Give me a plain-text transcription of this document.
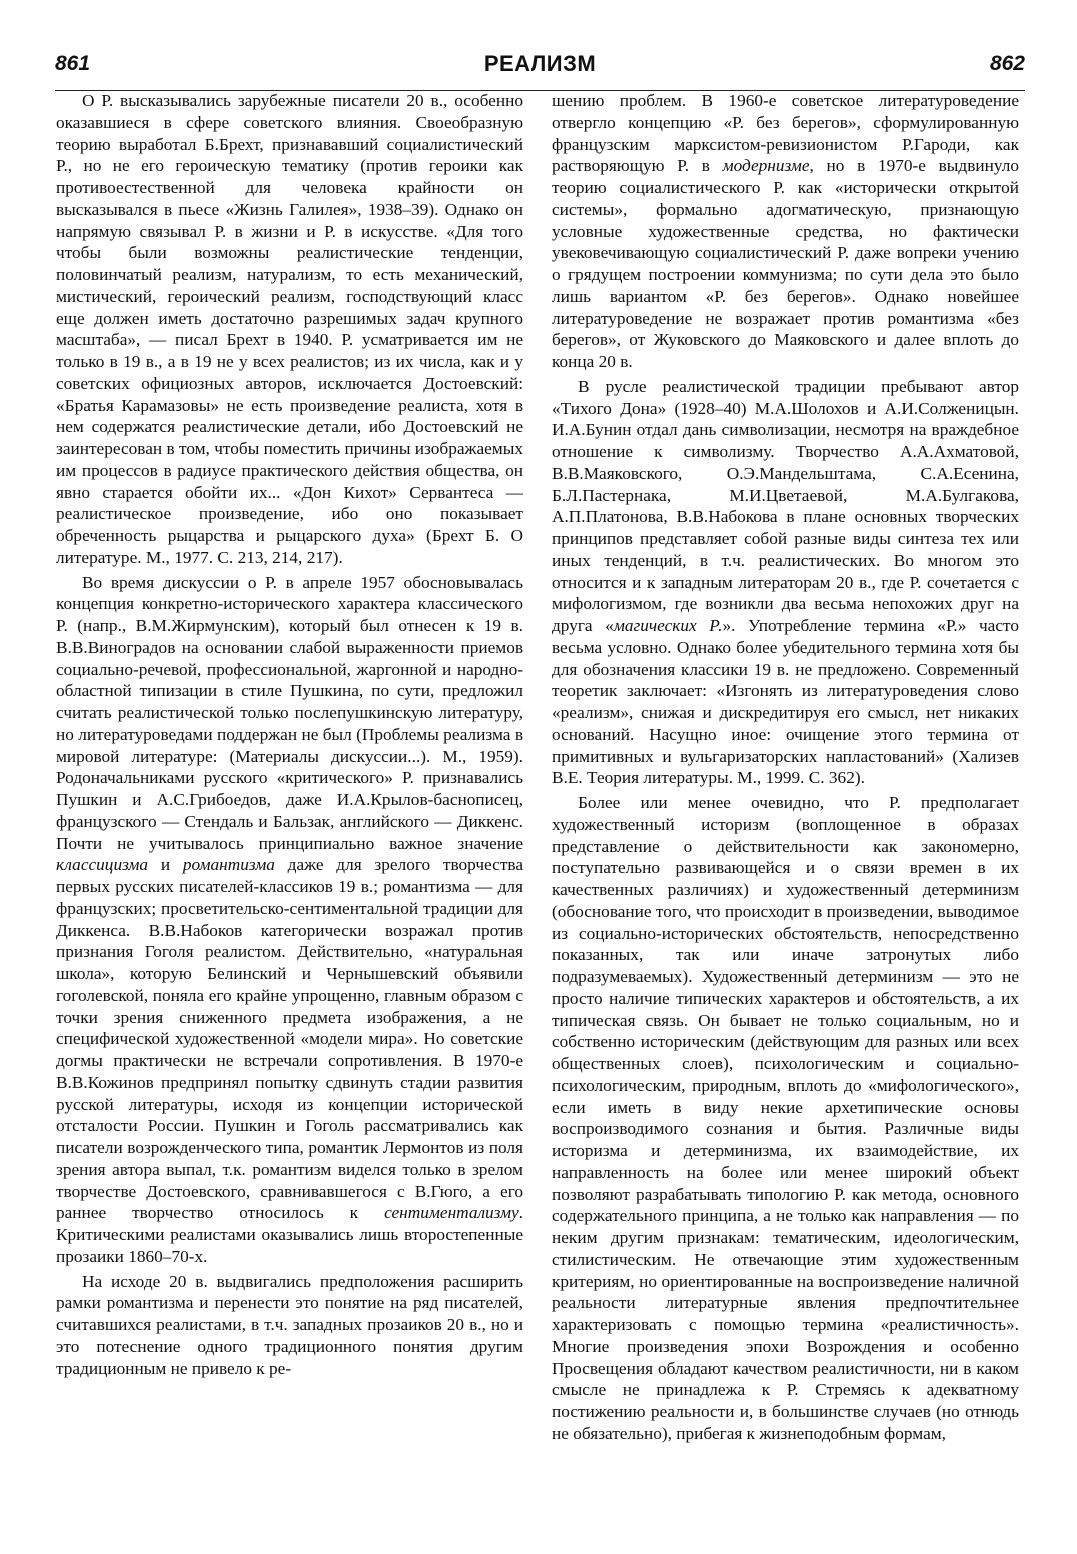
861	РЕАЛИЗМ	862

О Р. высказывались зарубежные писатели 20 в., особенно оказавшиеся в сфере советского влияния. Своеобразную теорию выработал Б.Брехт, признававший социалистический Р., но не его героическую тематику (против героики как противоестественной для человека крайности он высказывался в пьесе «Жизнь Галилея», 1938–39). Однако он напрямую связывал Р. в жизни и Р. в искусстве. «Для того чтобы были возможны реалистические тенденции, половинчатый реализм, натурализм, то есть механический, мистический, героический реализм, господствующий класс еще должен иметь достаточно разрешимых задач крупного масштаба», — писал Брехт в 1940. Р. усматривается им не только в 19 в., а в 19 не у всех реалистов; из их числа, как и у советских официозных авторов, исключается Достоевский: «Братья Карамазовы» не есть произведение реалиста, хотя в нем содержатся реалистические детали, ибо Достоевский не заинтересован в том, чтобы поместить причины изображаемых им процессов в радиусе практического действия общества, он явно старается обойти их... «Дон Кихот» Сервантеса — реалистическое произведение, ибо оно показывает обреченность рыцарства и рыцарского духа» (Брехт Б. О литературе. М., 1977. С. 213, 214, 217).

Во время дискуссии о Р. в апреле 1957 обосновывалась концепция конкретно-исторического характера классического Р. (напр., В.М.Жирмунским), который был отнесен к 19 в. В.В.Виноградов на основании слабой выраженности приемов социально-речевой, профессиональной, жаргонной и народно-областной типизации в стиле Пушкина, по сути, предложил считать реалистической только послепушкинскую литературу, но литературоведами поддержан не был (Проблемы реализма в мировой литературе: (Материалы дискуссии...). М., 1959). Родоначальниками русского «критического» Р. признавались Пушкин и А.С.Грибоедов, даже И.А.Крылов-баснописец, французского — Стендаль и Бальзак, английского — Диккенс. Почти не учитывалось принципиально важное значение классицизма и романтизма даже для зрелого творчества первых русских писателей-классиков 19 в.; романтизма — для французских; просветительско-сентиментальной традиции для Диккенса. В.В.Набоков категорически возражал против признания Гоголя реалистом. Действительно, «натуральная школа», которую Белинский и Чернышевский объявили гоголевской, поняла его крайне упрощенно, главным образом с точки зрения сниженного предмета изображения, а не специфической художественной «модели мира». Но советские догмы практически не встречали сопротивления. В 1970-е В.В.Кожинов предпринял попытку сдвинуть стадии развития русской литературы, исходя из концепции исторической отсталости России. Пушкин и Гоголь рассматривались как писатели возрожденческого типа, романтик Лермонтов из поля зрения автора выпал, т.к. романтизм виделся только в зрелом творчестве Достоевского, сравнивавшегося с В.Гюго, а его раннее творчество относилось к сентиментализму. Критическими реалистами оказывались лишь второстепенные прозаики 1860–70-х.

На исходе 20 в. выдвигались предположения расширить рамки романтизма и перенести это понятие на ряд писателей, считавшихся реалистами, в т.ч. западных прозаиков 20 в., но и это потеснение одного традиционного понятия другим традиционным не привело к ре-

шению проблем. В 1960-е советское литературоведение отвергло концепцию «Р. без берегов», сформулированную французским марксистом-ревизионистом Р.Гароди, как растворяющую Р. в модернизме, но в 1970-е выдвинуло теорию социалистического Р. как «исторически открытой системы», формально адогматическую, признающую условные художественные средства, но фактически увековечивающую социалистический Р. даже вопреки учению о грядущем построении коммунизма; по сути дела это было лишь вариантом «Р. без берегов». Однако новейшее литературоведение не возражает против романтизма «без берегов», от Жуковского до Маяковского и далее вплоть до конца 20 в.

В русле реалистической традиции пребывают автор «Тихого Дона» (1928–40) М.А.Шолохов и А.И.Солженицын. И.А.Бунин отдал дань символизации, несмотря на враждебное отношение к символизму. Творчество А.А.Ахматовой, В.В.Маяковского, О.Э.Мандельштама, С.А.Есенина, Б.Л.Пастернака, М.И.Цветаевой, М.А.Булгакова, А.П.Платонова, В.В.Набокова в плане основных творческих принципов представляет собой разные виды синтеза тех или иных тенденций, в т.ч. реалистических. Во многом это относится и к западным литераторам 20 в., где Р. сочетается с мифологизмом, где возникли два весьма непохожих друг на друга «магических Р.». Употребление термина «Р.» часто весьма условно. Однако более убедительного термина хотя бы для обозначения классики 19 в. не предложено. Современный теоретик заключает: «Изгонять из литературоведения слово «реализм», снижая и дискредитируя его смысл, нет никаких оснований. Насущно иное: очищение этого термина от примитивных и вульгаризаторских напластований» (Хализев В.Е. Теория литературы. М., 1999. С. 362).

Более или менее очевидно, что Р. предполагает художественный историзм (воплощенное в образах представление о действительности как закономерно, поступательно развивающейся и о связи времен в их качественных различиях) и художественный детерминизм (обоснование того, что происходит в произведении, выводимое из социально-исторических обстоятельств, непосредственно показанных, так или иначе затронутых либо подразумеваемых). Художественный детерминизм — это не просто наличие типических характеров и обстоятельств, а их типическая связь. Он бывает не только социальным, но и собственно историческим (действующим для разных или всех общественных слоев), психологическим и социально-психологическим, природным, вплоть до «мифологического», если иметь в виду некие архетипические основы воспроизводимого сознания и бытия. Различные виды историзма и детерминизма, их взаимодействие, их направленность на более или менее широкий объект позволяют разрабатывать типологию Р. как метода, основного содержательного принципа, а не только как направления — по неким другим признакам: тематическим, идеологическим, стилистическим. Не отвечающие этим художественным критериям, но ориентированные на воспроизведение наличной реальности литературные явления предпочтительнее характеризовать с помощью термина «реалистичность». Многие произведения эпохи Возрождения и особенно Просвещения обладают качеством реалистичности, ни в каком смысле не принадлежа к Р. Стремясь к адекватному постижению реальности и, в большинстве случаев (но отнюдь не обязательно), прибегая к жизнеподобным формам,
